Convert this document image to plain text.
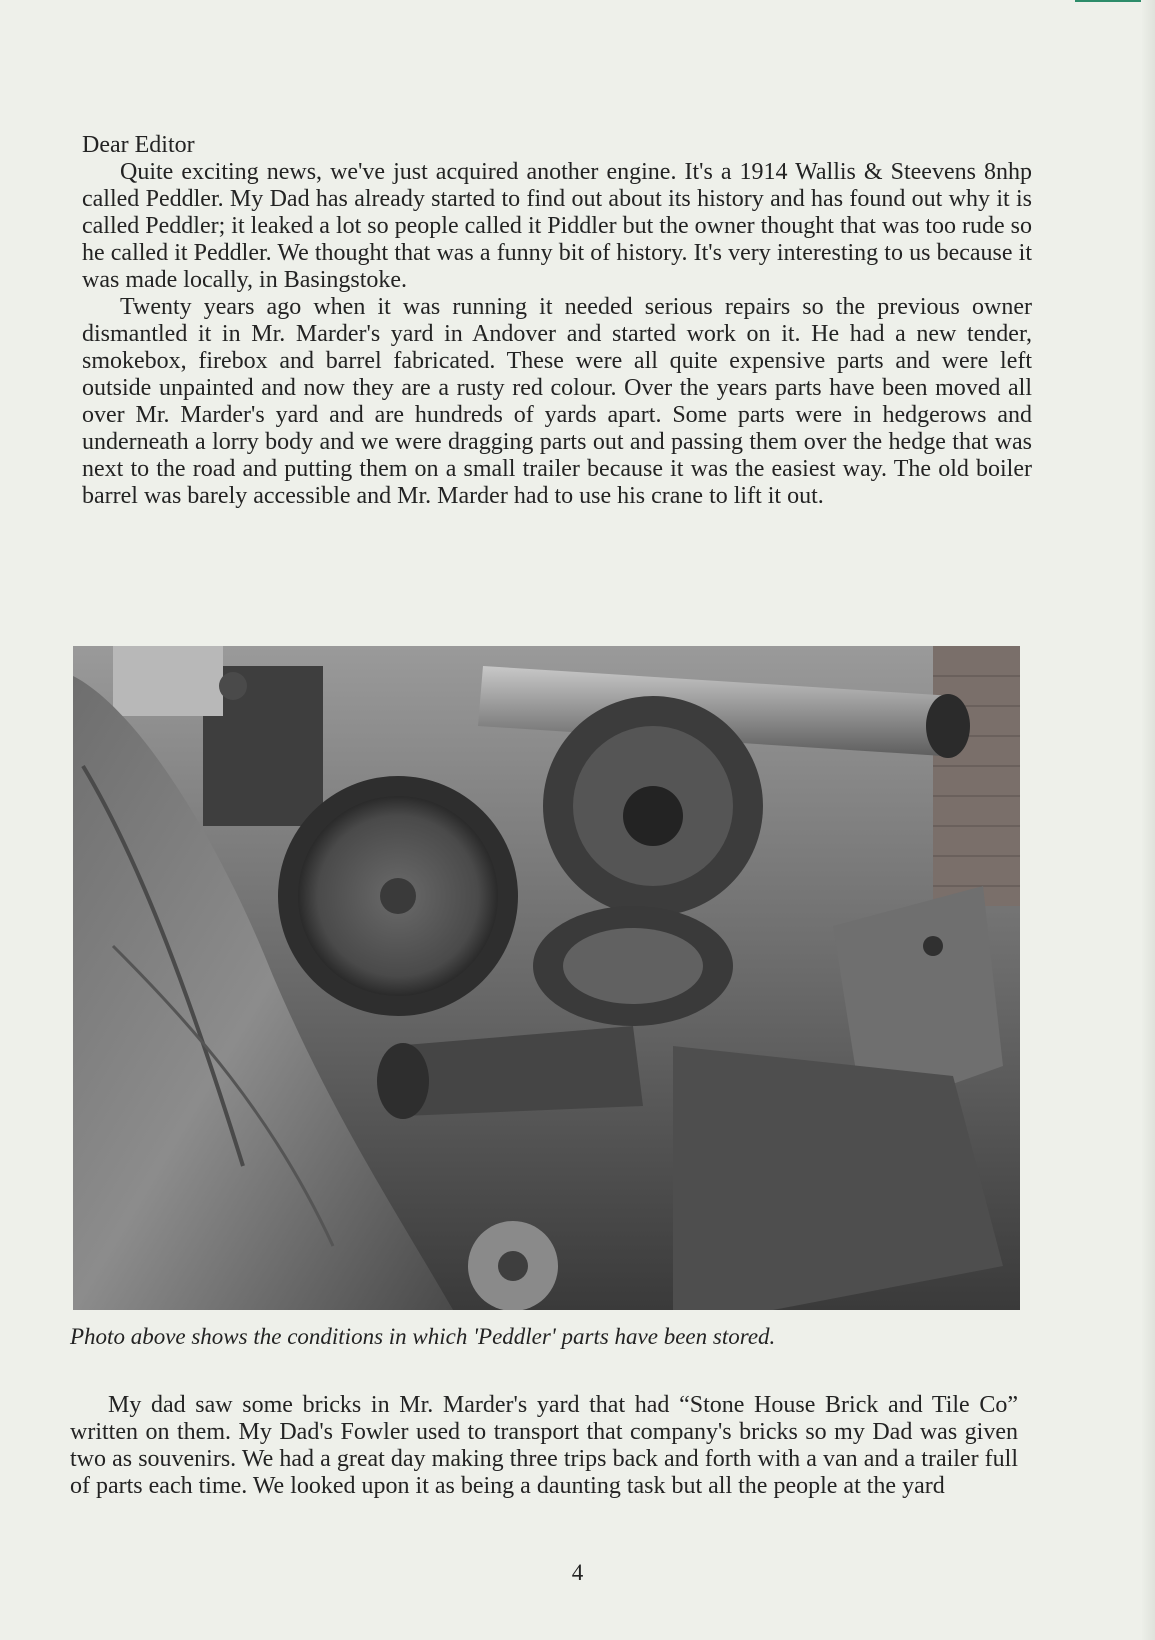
Dear Editor

Quite exciting news, we've just acquired another engine. It's a 1914 Wallis & Steevens 8nhp called Peddler. My Dad has already started to find out about its history and has found out why it is called Peddler; it leaked a lot so people called it Piddler but the owner thought that was too rude so he called it Peddler. We thought that was a funny bit of history. It's very interesting to us because it was made locally, in Basingstoke.

Twenty years ago when it was running it needed serious repairs so the previous owner dismantled it in Mr. Marder's yard in Andover and started work on it. He had a new tender, smokebox, firebox and barrel fabricated. These were all quite expensive parts and were left outside unpainted and now they are a rusty red colour. Over the years parts have been moved all over Mr. Marder's yard and are hundreds of yards apart. Some parts were in hedgerows and underneath a lorry body and we were dragging parts out and passing them over the hedge that was next to the road and putting them on a small trailer because it was the easiest way. The old boiler barrel was barely accessible and Mr. Marder had to use his crane to lift it out.

Photo above shows the conditions in which 'Peddler' parts have been stored.

My dad saw some bricks in Mr. Marder's yard that had “Stone House Brick and Tile Co” written on them. My Dad's Fowler used to transport that company's bricks so my Dad was given two as souvenirs. We had a great day making three trips back and forth with a van and a trailer full of parts each time. We looked upon it as being a daunting task but all the people at the yard

4
